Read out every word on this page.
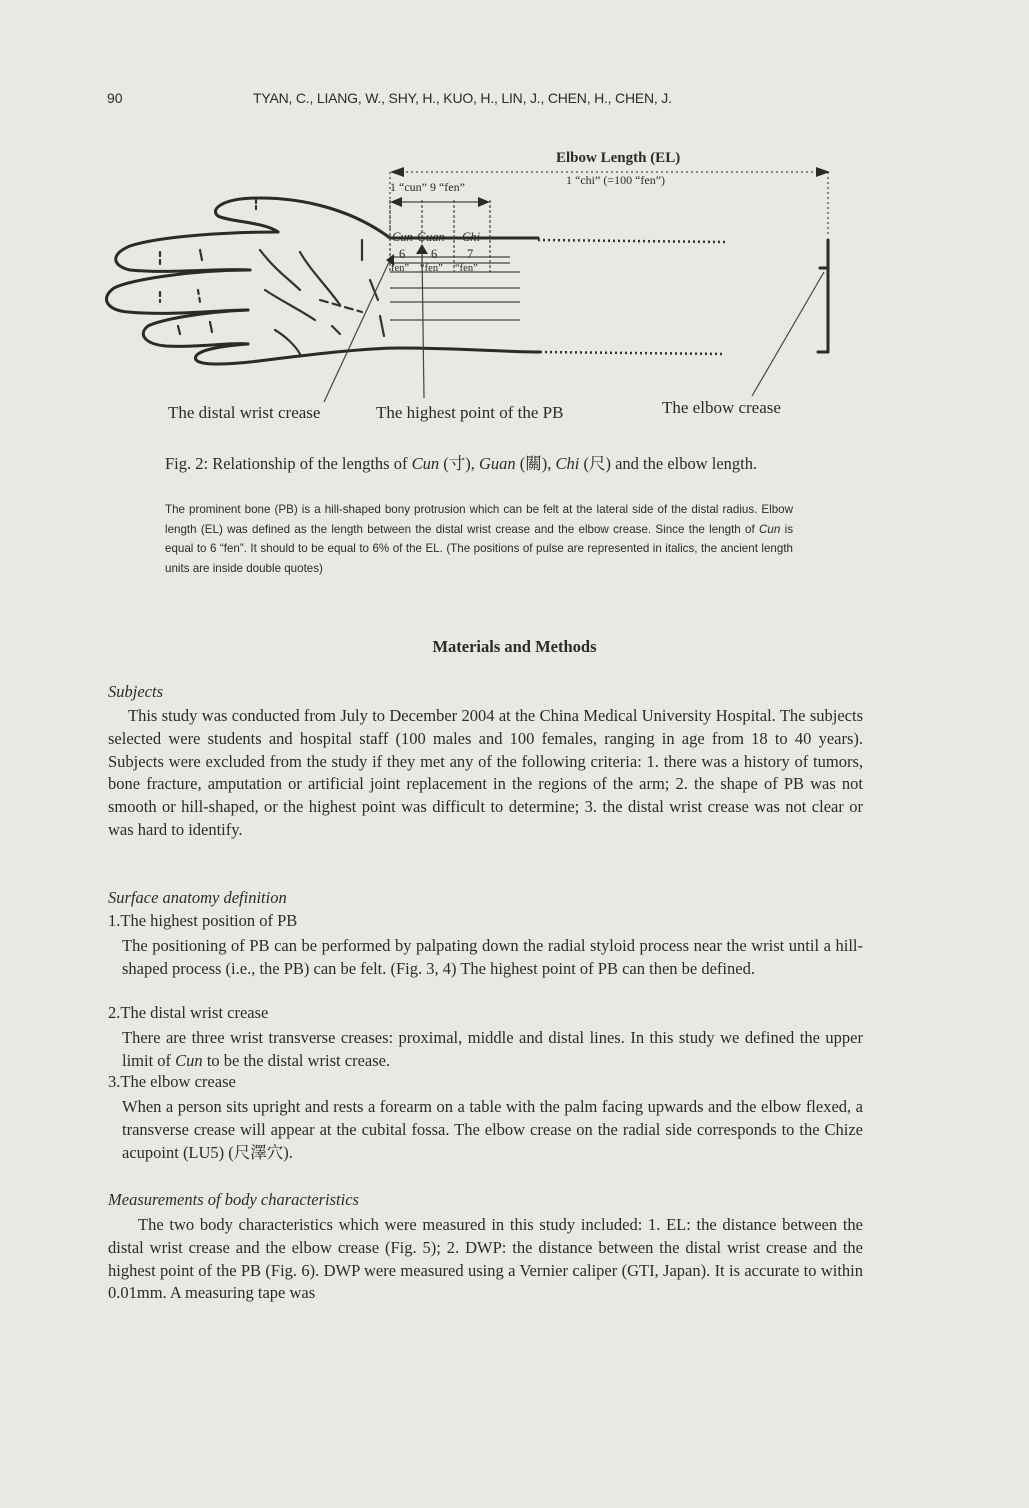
90	TYAN, C., LIANG, W., SHY, H., KUO, H., LIN, J., CHEN, H., CHEN, J.
Elbow Length (EL)
1 “chi” (=100 “fen”)
1 “cun” 9 “fen”
Cun Guan Chi
6 6 7
fen” “fen” “fen”
The distal wrist crease	The highest point of the PB	The elbow crease
Fig. 2: Relationship of the lengths of Cun (寸), Guan (關), Chi (尺) and the elbow length.
The prominent bone (PB) is a hill-shaped bony protrusion which can be felt at the lateral side of the distal radius. Elbow length (EL) was defined as the length between the distal wrist crease and the elbow crease. Since the length of Cun is equal to 6 “fen”. It should to be equal to 6% of the EL. (The positions of pulse are represented in italics, the ancient length units are inside double quotes)
Materials and Methods
Subjects
This study was conducted from July to December 2004 at the China Medical University Hospital. The subjects selected were students and hospital staff (100 males and 100 females, ranging in age from 18 to 40 years). Subjects were excluded from the study if they met any of the following criteria: 1. there was a history of tumors, bone fracture, amputation or artificial joint replacement in the regions of the arm; 2. the shape of PB was not smooth or hill-shaped, or the highest point was difficult to determine; 3. the distal wrist crease was not clear or was hard to identify.
Surface anatomy definition
1.The highest position of PB
The positioning of PB can be performed by palpating down the radial styloid process near the wrist until a hill-shaped process (i.e., the PB) can be felt. (Fig. 3, 4) The highest point of PB can then be defined.
2.The distal wrist crease
There are three wrist transverse creases: proximal, middle and distal lines. In this study we defined the upper limit of Cun to be the distal wrist crease.
3.The elbow crease
When a person sits upright and rests a forearm on a table with the palm facing upwards and the elbow flexed, a transverse crease will appear at the cubital fossa. The elbow crease on the radial side corresponds to the Chize acupoint (LU5) (尺澤穴).
Measurements of body characteristics
The two body characteristics which were measured in this study included: 1. EL: the distance between the distal wrist crease and the elbow crease (Fig. 5); 2. DWP: the distance between the distal wrist crease and the highest point of the PB (Fig. 6). DWP were measured using a Vernier caliper (GTI, Japan). It is accurate to within 0.01mm. A measuring tape was
